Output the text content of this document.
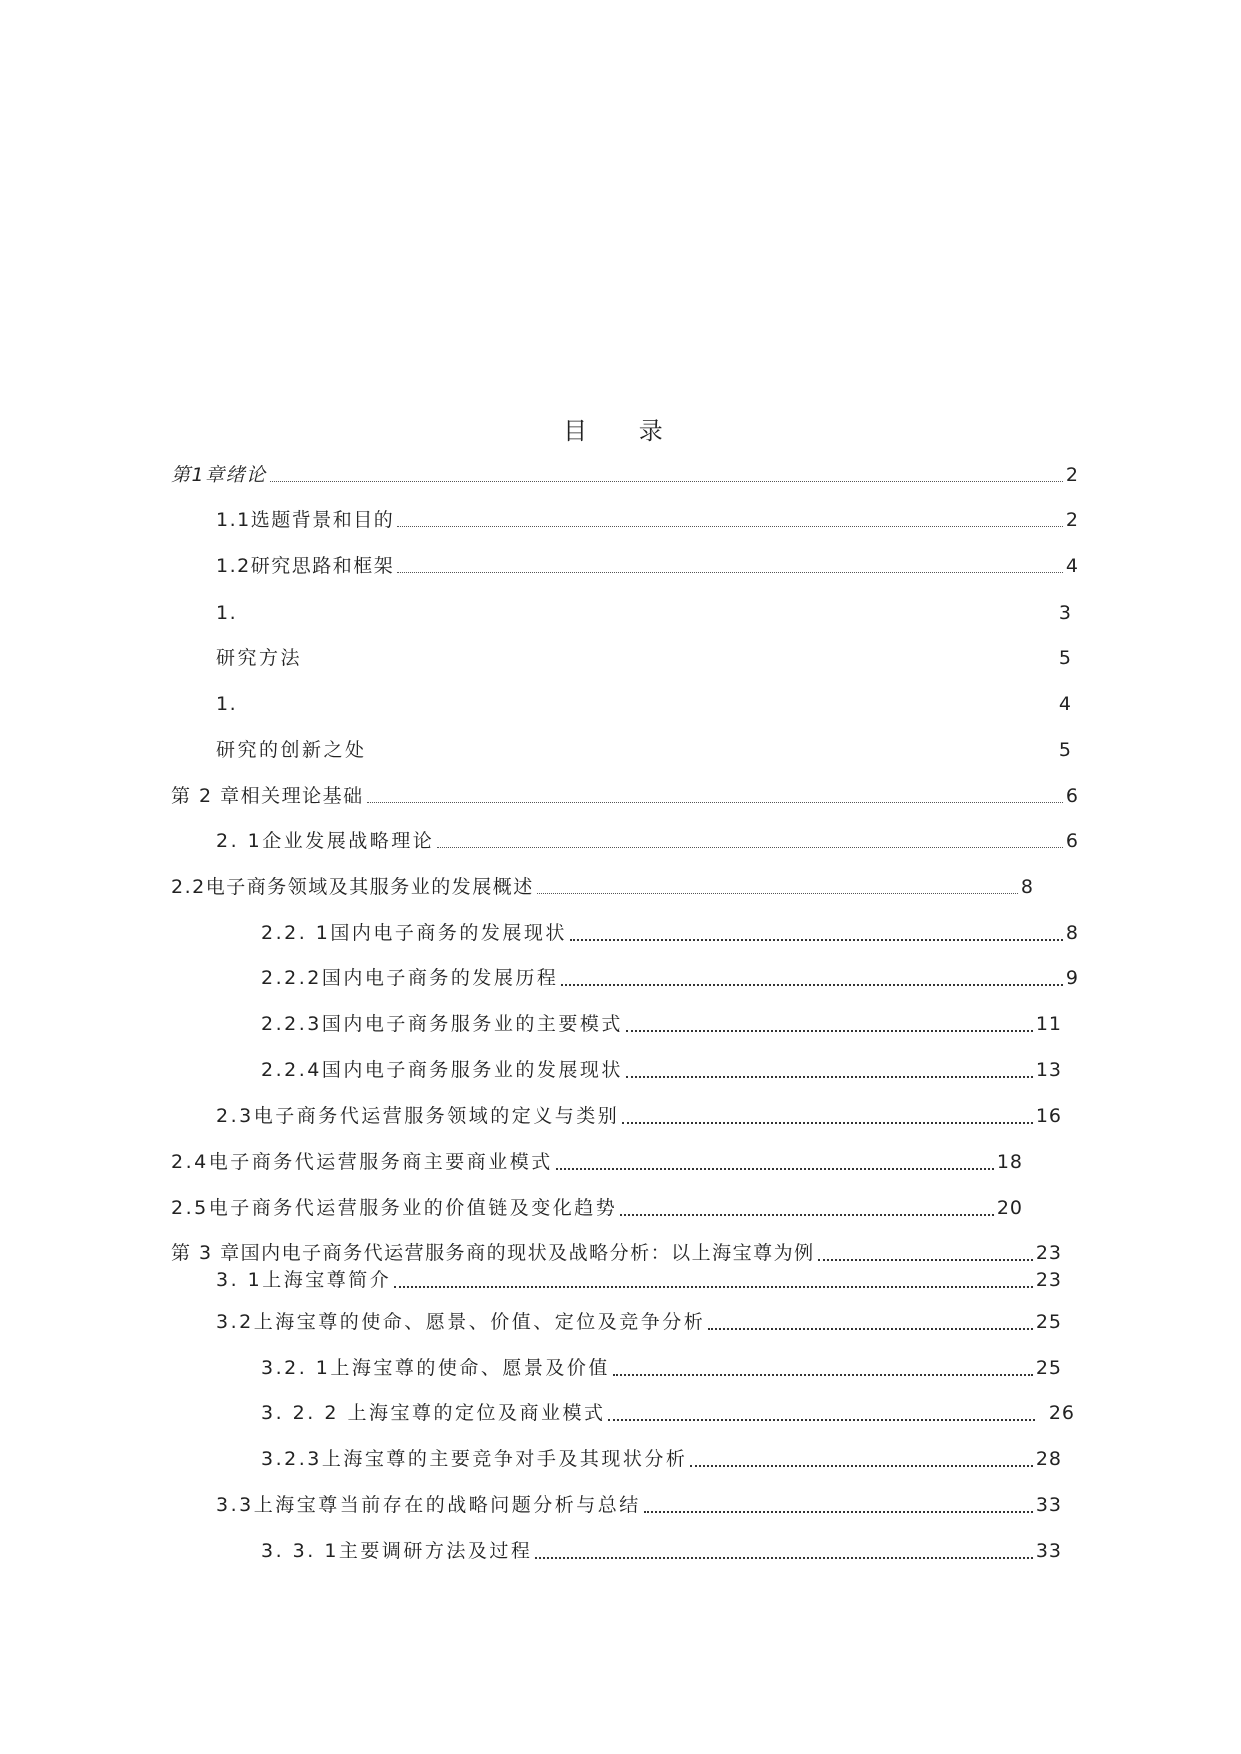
目 录
第1章绪论	2
1.1选题背景和目的	2
1.2研究思路和框架	4
1.	3
研究方法	5
1.	4
研究的创新之处	5
第 2 章相关理论基础	6
2. 1企业发展战略理论	6
2.2电子商务领域及其服务业的发展概述	8
2.2. 1国内电子商务的发展现状	8
2.2.2国内电子商务的发展历程	9
2.2.3国内电子商务服务业的主要模式	11
2.2.4国内电子商务服务业的发展现状	13
2.3电子商务代运营服务领域的定义与类别	16
2.4电子商务代运营服务商主要商业模式	18
2.5电子商务代运营服务业的价值链及变化趋势	20
第 3 章国内电子商务代运营服务商的现状及战略分析：以上海宝尊为例	23
3. 1上海宝尊简介	23
3.2上海宝尊的使命、愿景、价值、定位及竞争分析	25
3.2. 1上海宝尊的使命、愿景及价值	25
3. 2. 2 上海宝尊的定位及商业模式	26
3.2.3上海宝尊的主要竞争对手及其现状分析	28
3.3上海宝尊当前存在的战略问题分析与总结	33
3. 3. 1主要调研方法及过程	33
